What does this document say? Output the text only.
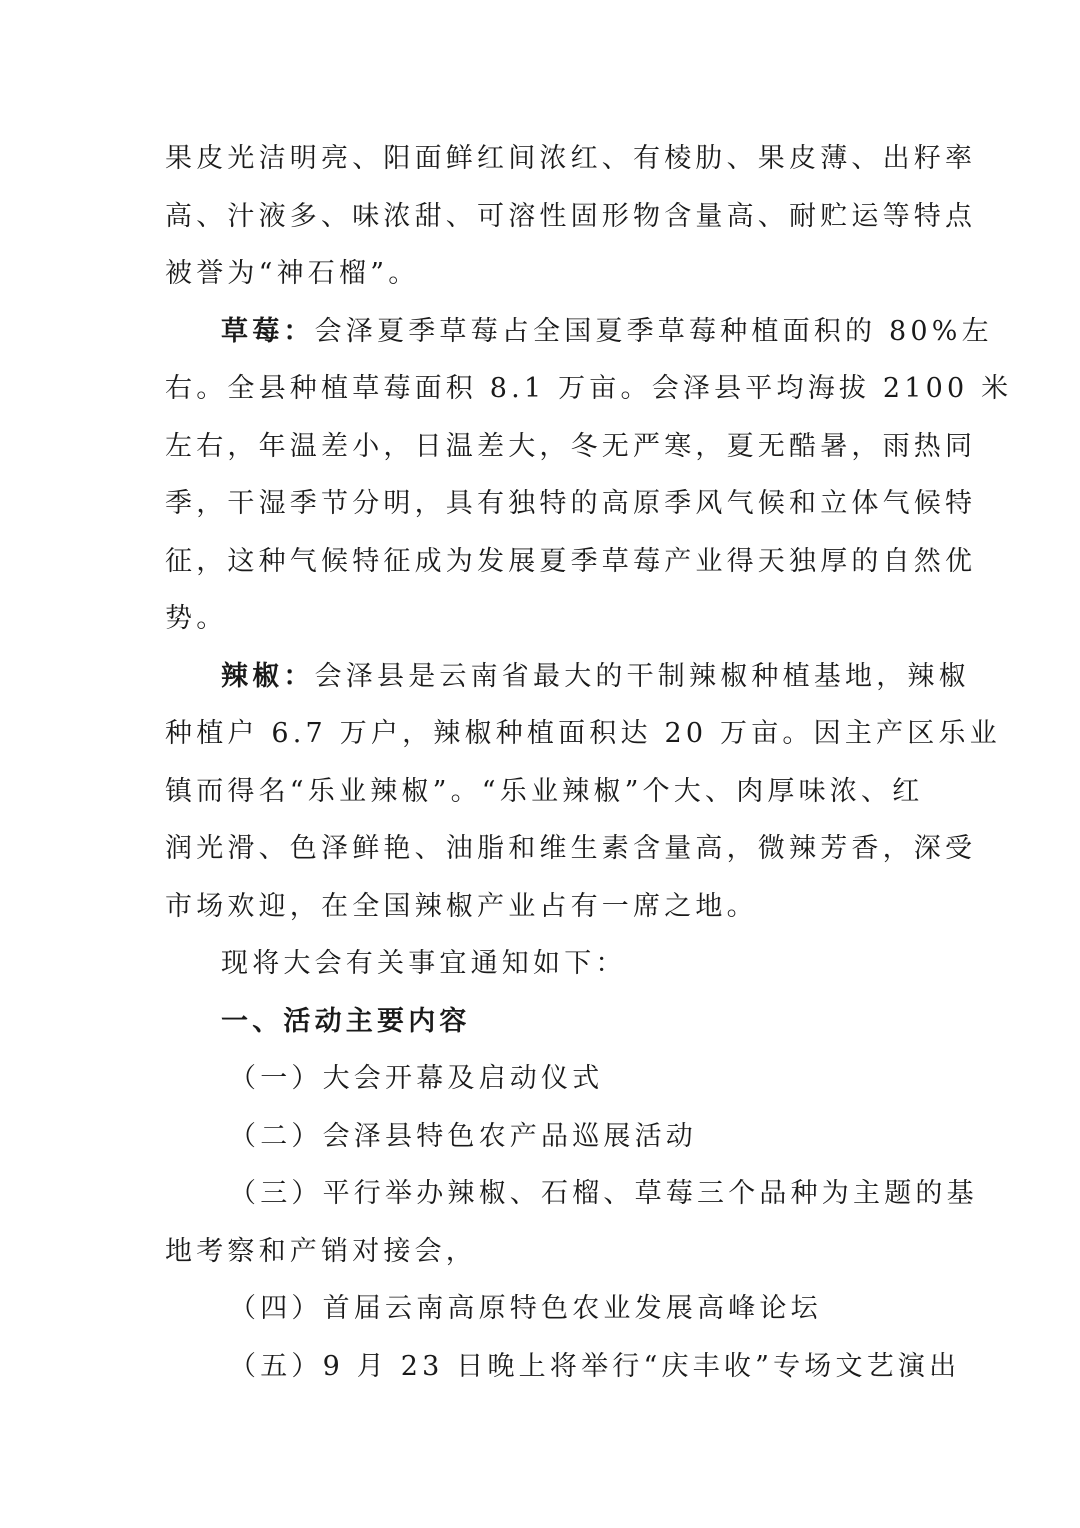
果皮光洁明亮、阳面鲜红间浓红、有棱肋、果皮薄、出籽率
高、汁液多、味浓甜、可溶性固形物含量高、耐贮运等特点
被誉为“神石榴”。
草莓：会泽夏季草莓占全国夏季草莓种植面积的 80%左
右。全县种植草莓面积 8.1 万亩。会泽县平均海拔 2100 米
左右，年温差小，日温差大，冬无严寒，夏无酷暑，雨热同
季，干湿季节分明，具有独特的高原季风气候和立体气候特
征，这种气候特征成为发展夏季草莓产业得天独厚的自然优
势。
辣椒：会泽县是云南省最大的干制辣椒种植基地，辣椒
种植户 6.7 万户，辣椒种植面积达 20 万亩。因主产区乐业
镇而得名“乐业辣椒”。“乐业辣椒”个大、肉厚味浓、红
润光滑、色泽鲜艳、油脂和维生素含量高，微辣芳香，深受
市场欢迎，在全国辣椒产业占有一席之地。
现将大会有关事宜通知如下：
一、活动主要内容
（一）大会开幕及启动仪式
（二）会泽县特色农产品巡展活动
（三）平行举办辣椒、石榴、草莓三个品种为主题的基
地考察和产销对接会，
（四）首届云南高原特色农业发展高峰论坛
（五）9 月 23 日晚上将举行“庆丰收”专场文艺演出
